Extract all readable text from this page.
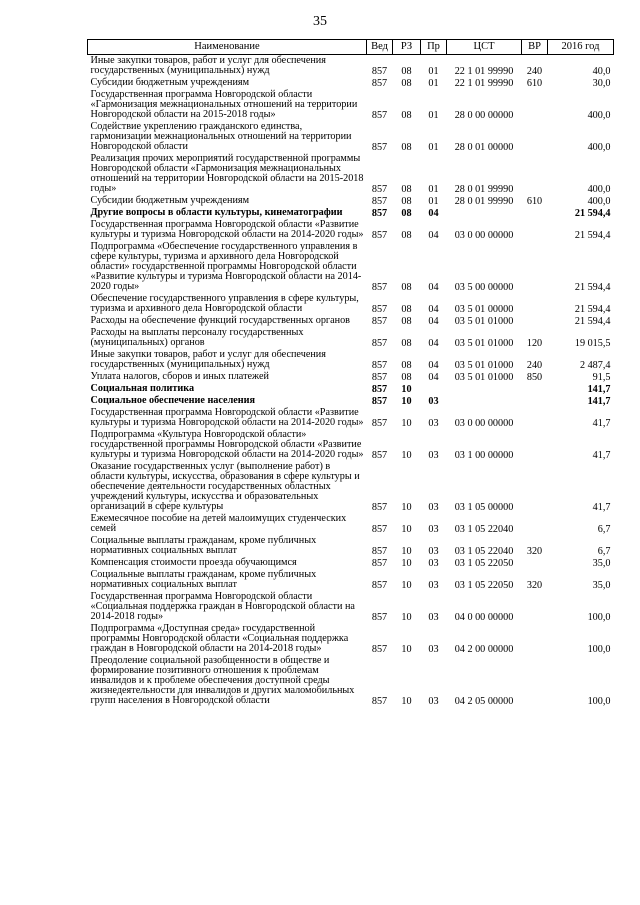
35
Наименование	Вед	РЗ	Пр	ЦСТ	ВР	2016 год
Иные закупки товаров, работ и услуг для обеспечения государственных (муниципальных) нужд	857	08	01	22 1 01 99990	240	40,0
Субсидии бюджетным учреждениям	857	08	01	22 1 01 99990	610	30,0
Государственная программа Новгородской области «Гармонизация межнациональных отношений на территории Новгородской области на 2015-2018 годы»	857	08	01	28 0 00 00000		400,0
Содействие укреплению гражданского единства, гармонизации межнациональных отношений на территории Новгородской области	857	08	01	28 0 01 00000		400,0
Реализация прочих мероприятий государственной программы Новгородской области «Гармонизация межнациональных отношений на территории Новгородской области на 2015-2018 годы»	857	08	01	28 0 01 99990		400,0
Субсидии бюджетным учреждениям	857	08	01	28 0 01 99990	610	400,0
Другие вопросы в области культуры, кинематографии	857	08	04			21 594,4
Государственная программа Новгородской области «Развитие культуры и туризма Новгородской области на 2014-2020 годы»	857	08	04	03 0 00 00000		21 594,4
Подпрограмма «Обеспечение государственного управления в сфере культуры, туризма и архивного дела Новгородской области» государственной программы Новгородской области «Развитие культуры и туризма Новгородской области на 2014-2020 годы»	857	08	04	03 5 00 00000		21 594,4
Обеспечение государственного управления в сфере культуры, туризма и архивного дела Новгородской области	857	08	04	03 5 01 00000		21 594,4
Расходы на обеспечение функций государственных органов	857	08	04	03 5 01 01000		21 594,4
Расходы на выплаты персоналу государственных (муниципальных) органов	857	08	04	03 5 01 01000	120	19 015,5
Иные закупки товаров, работ и услуг для обеспечения государственных (муниципальных) нужд	857	08	04	03 5 01 01000	240	2 487,4
Уплата налогов, сборов и иных платежей	857	08	04	03 5 01 01000	850	91,5
Социальная политика	857	10				141,7
Социальное обеспечение населения	857	10	03			141,7
Государственная программа Новгородской области «Развитие культуры и туризма Новгородской области на 2014-2020 годы»	857	10	03	03 0 00 00000		41,7
Подпрограмма «Культура Новгородской области» государственной программы Новгородской области «Развитие культуры и туризма Новгородской области на 2014-2020 годы»	857	10	03	03 1 00 00000		41,7
Оказание государственных услуг (выполнение работ) в области культуры, искусства, образования в сфере культуры и обеспечение деятельности государственных областных учреждений культуры, искусства и образовательных организаций в сфере культуры	857	10	03	03 1 05 00000		41,7
Ежемесячное пособие на детей малоимущих студенческих семей	857	10	03	03 1 05 22040		6,7
Социальные выплаты гражданам, кроме публичных нормативных социальных выплат	857	10	03	03 1 05 22040	320	6,7
Компенсация стоимости проезда обучающимся	857	10	03	03 1 05 22050		35,0
Социальные выплаты гражданам, кроме публичных нормативных социальных выплат	857	10	03	03 1 05 22050	320	35,0
Государственная программа Новгородской области «Социальная поддержка граждан в Новгородской области на 2014-2018 годы»	857	10	03	04 0 00 00000		100,0
Подпрограмма «Доступная среда» государственной программы Новгородской области «Социальная поддержка граждан в Новгородской области на 2014-2018 годы»	857	10	03	04 2 00 00000		100,0
Преодоление социальной разобщенности в обществе и формирование позитивного отношения к проблемам инвалидов и к проблеме обеспечения доступной среды жизнедеятельности для инвалидов и других маломобильных групп населения в Новгородской области	857	10	03	04 2 05 00000		100,0
